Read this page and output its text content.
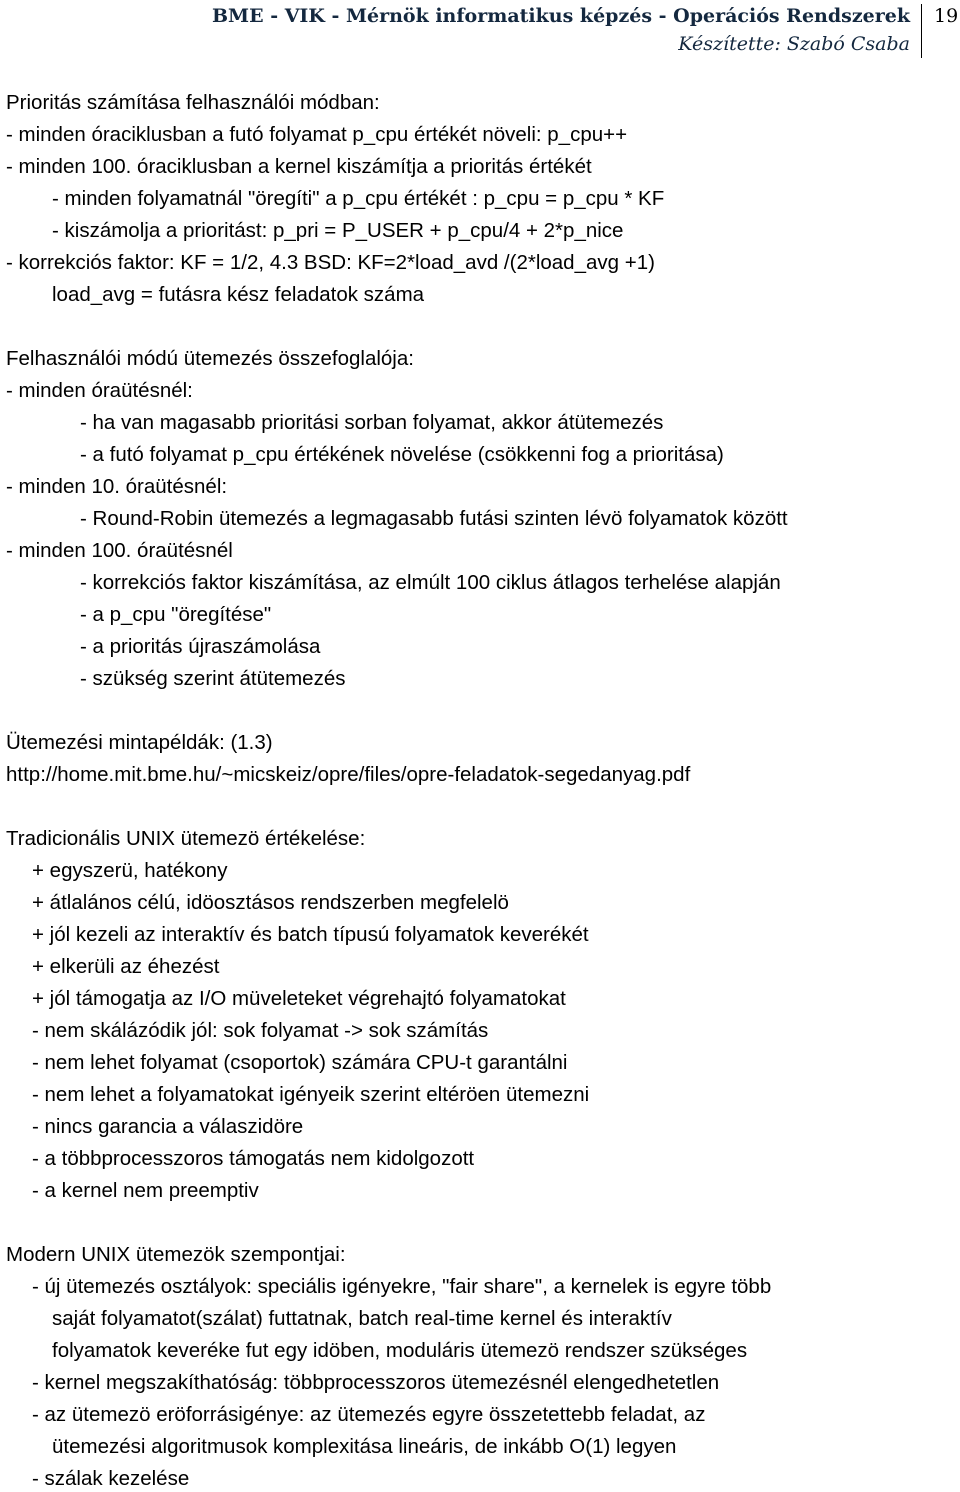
BME - VIK - Mérnök informatikus képzés - Operációs Rendszerek
Készítette: Szabó Csaba
19
Prioritás számítása felhasználói módban:
- minden óraciklusban a futó folyamat p_cpu értékét növeli: p_cpu++
- minden 100. óraciklusban a kernel kiszámítja a prioritás értékét
- minden folyamatnál "öregíti" a p_cpu értékét : p_cpu = p_cpu * KF
- kiszámolja a prioritást: p_pri = P_USER + p_cpu/4 + 2*p_nice
- korrekciós faktor: KF = 1/2, 4.3 BSD: KF=2*load_avd /(2*load_avg +1)
load_avg = futásra kész feladatok száma
Felhasználói módú ütemezés összefoglalója:
- minden óraütésnél:
- ha van magasabb prioritási sorban folyamat, akkor átütemezés
- a futó folyamat p_cpu értékének növelése (csökkenni fog a prioritása)
- minden 10. óraütésnél:
- Round-Robin ütemezés a legmagasabb futási szinten lévö folyamatok között
- minden 100. óraütésnél
- korrekciós faktor kiszámítása, az elmúlt 100 ciklus átlagos terhelése alapján
- a p_cpu "öregítése"
- a prioritás újraszámolása
- szükség szerint átütemezés
Ütemezési mintapéldák: (1.3)
http://home.mit.bme.hu/~micskeiz/opre/files/opre-feladatok-segedanyag.pdf
Tradicionális UNIX ütemezö értékelése:
+ egyszerü, hatékony
+ átlalános célú, idöosztásos rendszerben megfelelö
+ jól kezeli az interaktív és batch típusú folyamatok keverékét
+ elkerüli az éhezést
+ jól támogatja az I/O müveleteket végrehajtó folyamatokat
- nem skálázódik jól: sok folyamat -> sok számítás
- nem lehet folyamat (csoportok) számára CPU-t garantálni
- nem lehet a folyamatokat igényeik szerint eltéröen ütemezni
- nincs garancia a válaszidöre
- a többprocesszoros támogatás nem kidolgozott
- a kernel nem preemptiv
Modern UNIX ütemezök szempontjai:
- új ütemezés osztályok: speciális igényekre, "fair share", a kernelek is egyre több
saját folyamatot(szálat) futtatnak, batch real-time kernel és interaktív
folyamatok keveréke fut egy idöben, moduláris ütemezö rendszer szükséges
- kernel megszakíthatóság: többprocesszoros ütemezésnél elengedhetetlen
- az ütemezö eröforrásigénye: az ütemezés egyre összetettebb feladat, az
ütemezési algoritmusok komplexitása lineáris, de inkább O(1) legyen
- szálak kezelése
